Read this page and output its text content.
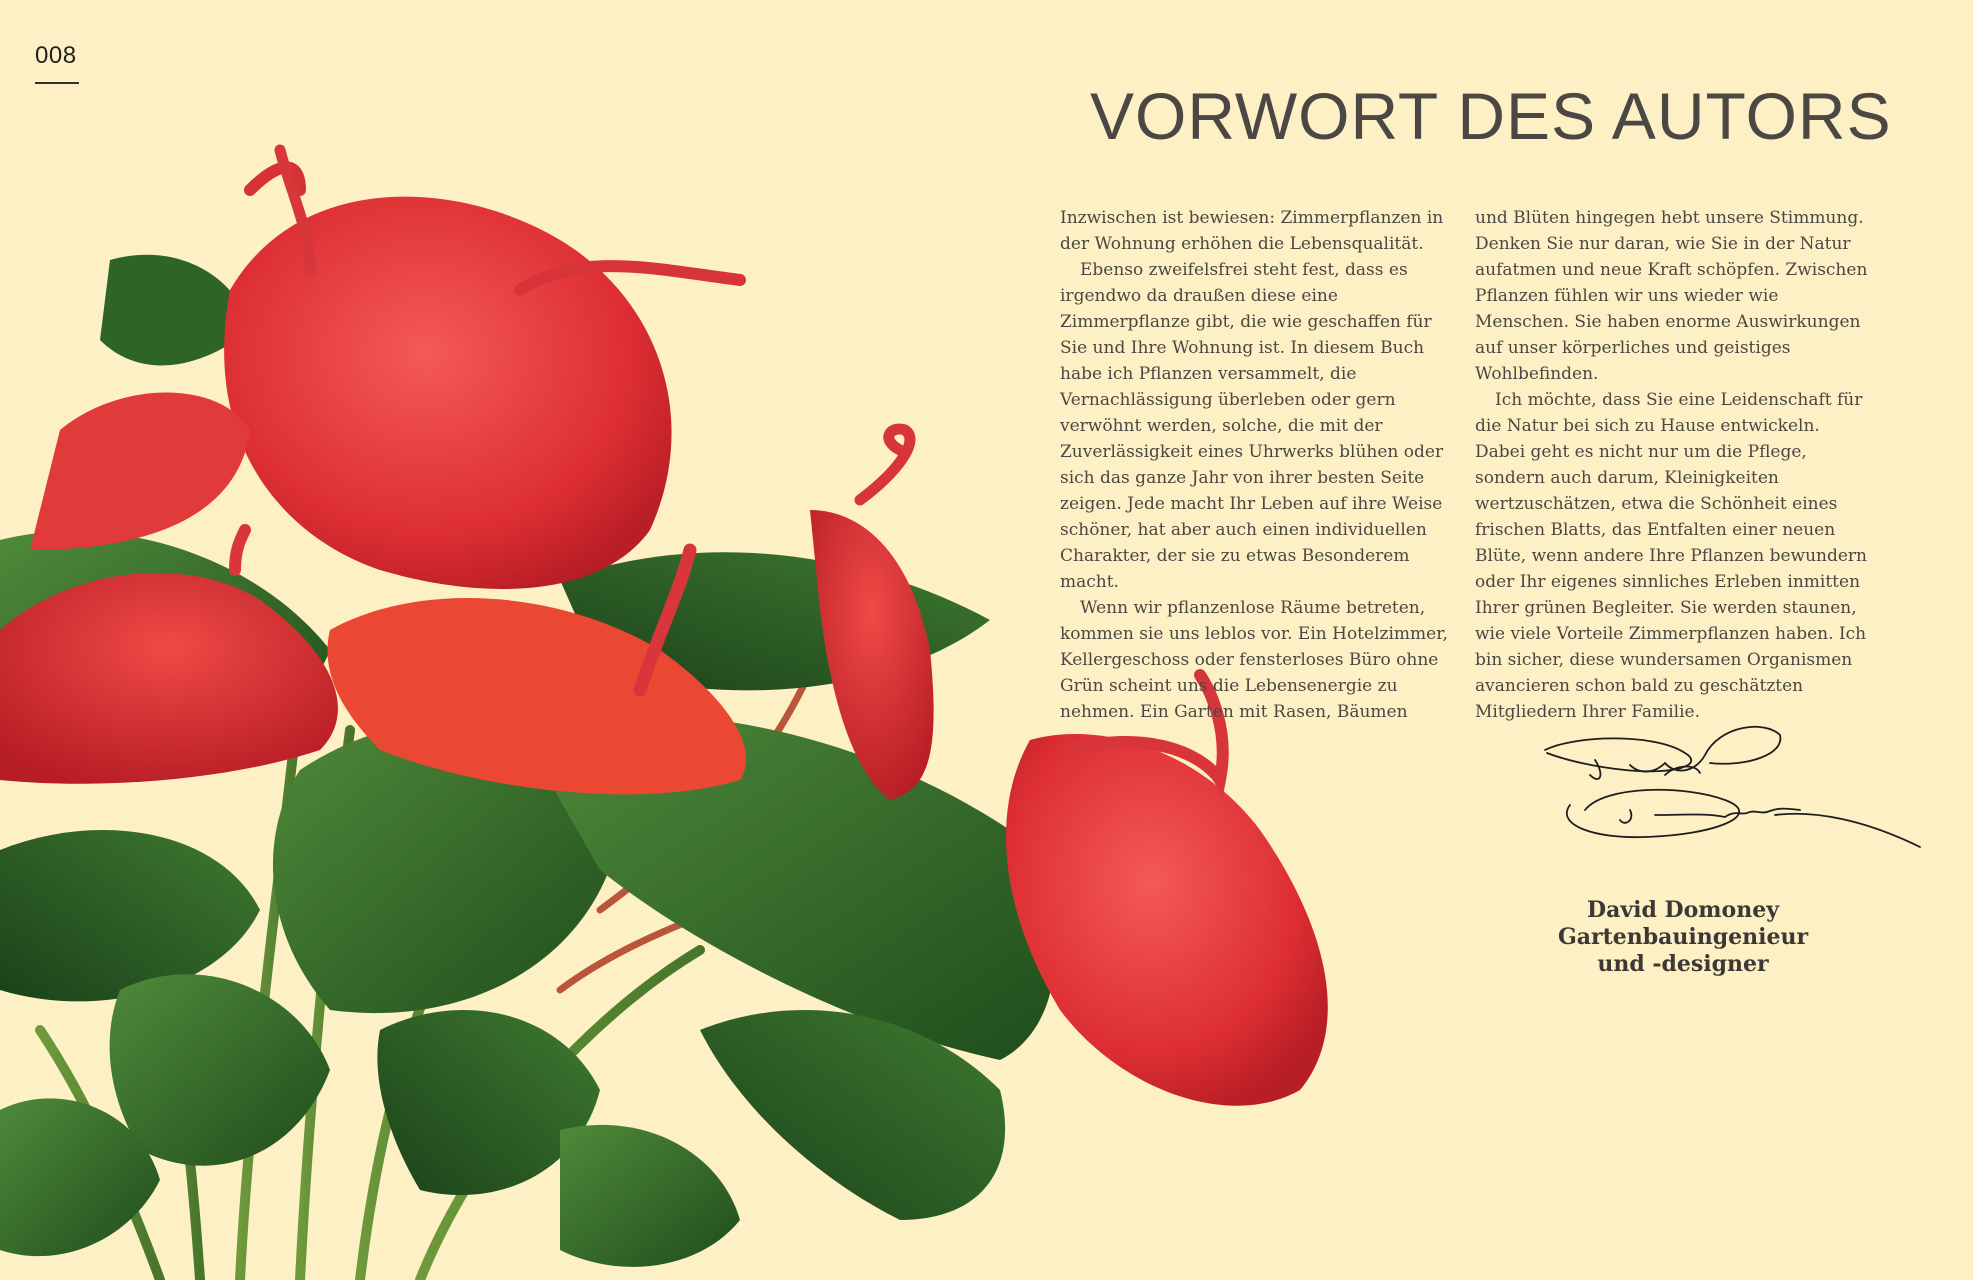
008
VORWORT DES AUTORS

Inzwischen ist bewiesen: Zimmerpflanzen in der Wohnung erhöhen die Lebensqualität.

Ebenso zweifelsfrei steht fest, dass es irgendwo da draußen diese eine Zimmerpflanze gibt, die wie geschaffen für Sie und Ihre Wohnung ist. In diesem Buch habe ich Pflanzen versammelt, die Vernachlässigung überleben oder gern verwöhnt werden, solche, die mit der Zuverlässigkeit eines Uhrwerks blühen oder sich das ganze Jahr von ihrer besten Seite zeigen. Jede macht Ihr Leben auf ihre Weise schöner, hat aber auch einen individuellen Charakter, der sie zu etwas Besonderem macht.

Wenn wir pflanzenlose Räume betreten, kommen sie uns leblos vor. Ein Hotelzimmer, Kellergeschoss oder fensterloses Büro ohne Grün scheint uns die Lebensenergie zu nehmen. Ein Garten mit Rasen, Bäumen

und Blüten hingegen hebt unsere Stimmung. Denken Sie nur daran, wie Sie in der Natur aufatmen und neue Kraft schöpfen. Zwischen Pflanzen fühlen wir uns wieder wie Menschen. Sie haben enorme Auswirkungen auf unser körperliches und geistiges Wohlbefinden.

Ich möchte, dass Sie eine Leidenschaft für die Natur bei sich zu Hause entwickeln. Dabei geht es nicht nur um die Pflege, sondern auch darum, Kleinigkeiten wertzuschätzen, etwa die Schönheit eines frischen Blatts, das Entfalten einer neuen Blüte, wenn andere Ihre Pflanzen bewundern oder Ihr eigenes sinnliches Erleben inmitten Ihrer grünen Begleiter. Sie werden staunen, wie viele Vorteile Zimmerpflanzen haben. Ich bin sicher, diese wundersamen Organismen avancieren schon bald zu geschätzten Mitgliedern Ihrer Familie.

David Domoney
Gartenbauingenieur
und -designer
